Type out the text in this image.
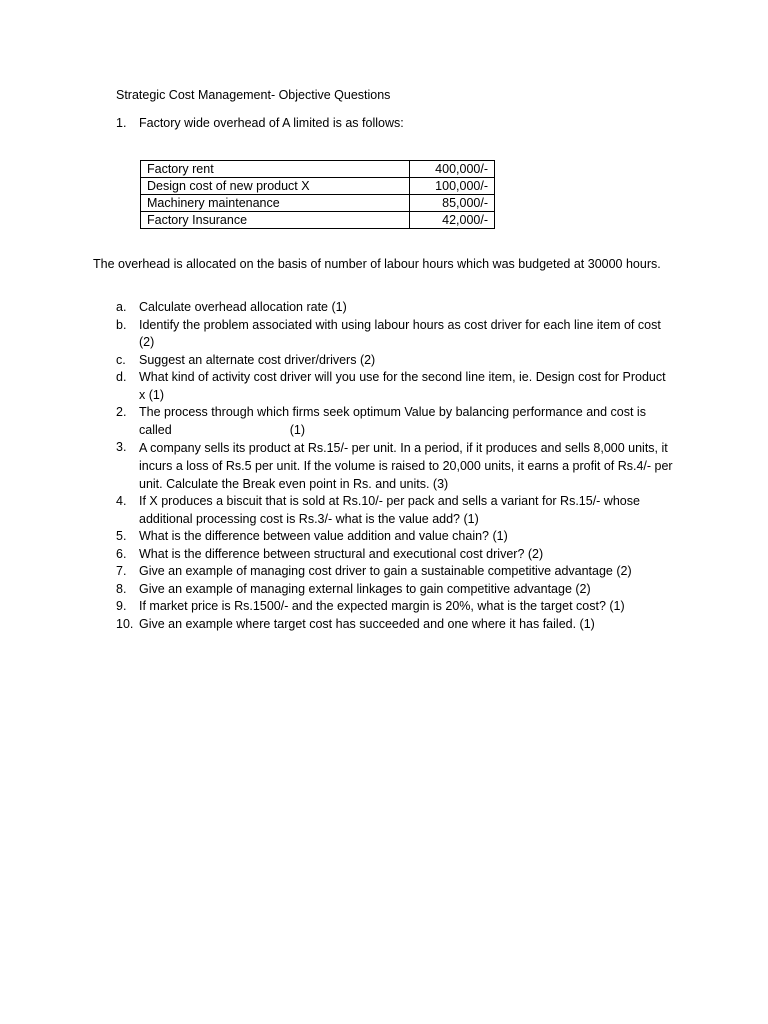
Strategic Cost Management- Objective Questions
1. Factory wide overhead of A limited is as follows:
Factory rent	400,000/-
Design cost of new product X	100,000/-
Machinery maintenance	85,000/-
Factory Insurance	42,000/-
The overhead is allocated on the basis of number of labour hours which was budgeted at 30000 hours.
a.	Calculate overhead allocation rate (1)
b.	Identify the problem associated with using labour hours as cost driver for each line item of cost (2)
c.	Suggest an alternate cost driver/drivers (2)
d.	What kind of activity cost driver will you use for the second line item, ie. Design cost for Product x (1)
2.	The process through which firms seek optimum Value by balancing performance and cost is called                                  (1)
3.	A company sells its product at Rs.15/- per unit. In a period, if it produces and sells 8,000 units, it incurs a loss of Rs.5 per unit. If the volume is raised to 20,000 units, it earns a profit of Rs.4/- per unit. Calculate the Break even point in Rs. and units. (3)
4.	If X produces a biscuit that is sold at Rs.10/- per pack and sells a variant for Rs.15/- whose additional processing cost is Rs.3/- what is the value add? (1)
5.	What is the difference between value addition and value chain? (1)
6.	What is the difference between structural and executional cost driver? (2)
7.	Give an example of managing cost driver to gain a sustainable competitive advantage (2)
8.	Give an example of managing external linkages to gain competitive advantage (2)
9.	If market price is Rs.1500/- and the expected margin is 20%, what is the target cost? (1)
10. Give an example where target cost has succeeded and one where it has failed. (1)
